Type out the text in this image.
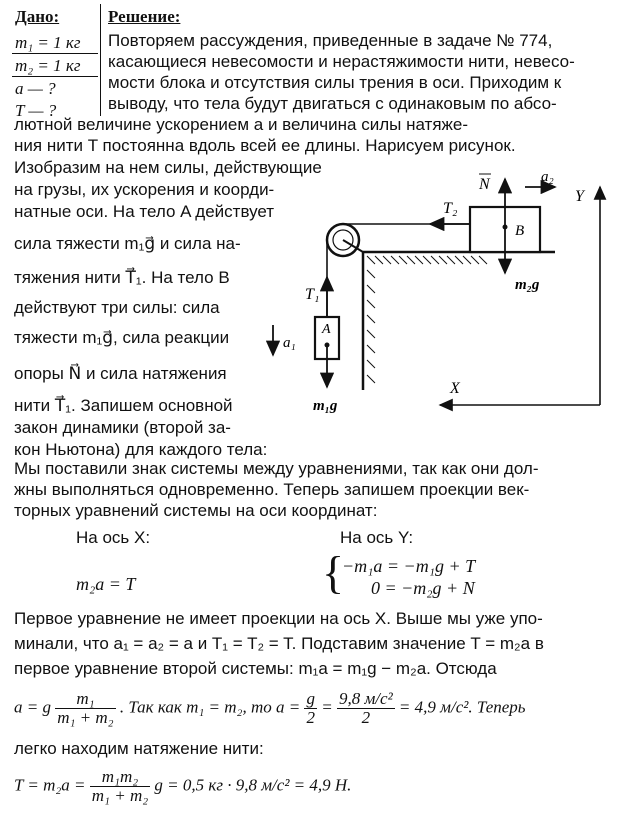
Дано:
m₁ = 1 кг
m₂ = 1 кг
a — ?
T — ?
Решение:
Повторяем рассуждения, приведенные в задаче № 774,
касающиеся невесомости и нерастяжимости нити, невесо-
мости блока и отсутствия силы трения в оси. Приходим к
выводу, что тела будут двигаться с одинаковым по абсо-
лютной величине ускорением a и величина силы натяже-
ния нити T постоянна вдоль всей ее длины. Нарисуем рисунок.
Изобразим на нем силы, действующие
на грузы, их ускорения и коорди-
натные оси. На тело A действует
сила тяжести m₁g⃗ и сила на-
тяжения нити T⃗₁. На тело B
действуют три силы: сила
тяжести m₁g⃗, сила реакции
опоры N⃗ и сила натяжения
нити T⃗₁. Запишем основной
закон динамики (второй за-
кон Ньютона) для каждого тела:
N	a₂
Y
T₂
B
m₂g
T₁
A
a₁
m₁g
X
Мы поставили знак системы между уравнениями, так как они дол-
жны выполняться одновременно. Теперь запишем проекции век-
торных уравнений системы на оси координат:
На ось X:	На ось Y:
m₂a = T	{
−m₁a = −m₁g + T
0 = −m₂g + N
Первое уравнение не имеет проекции на ось X. Выше мы уже упо-
минали, что a₁ = a₂ = a и T₁ = T₂ = T. Подставим значение T = m₂a в
первое уравнение второй системы: m₁a = m₁g − m₂a. Отсюда
a = g $\frac{\text{m₁}}{\text{m₁ + m₂}}$ . Так как m₁ = m₂, то $a = \frac{g}{2} = \frac{\text{9,8 м/с²}}{2} = 4,9$ м/с². Теперь
легко находим натяжение нити:
$T = m_2a = \frac{\text{m₁m₂}}{\text{m₁ + m₂}}$ g = 0,5 кг · 9,8 м/с² = 4,9 Н.
